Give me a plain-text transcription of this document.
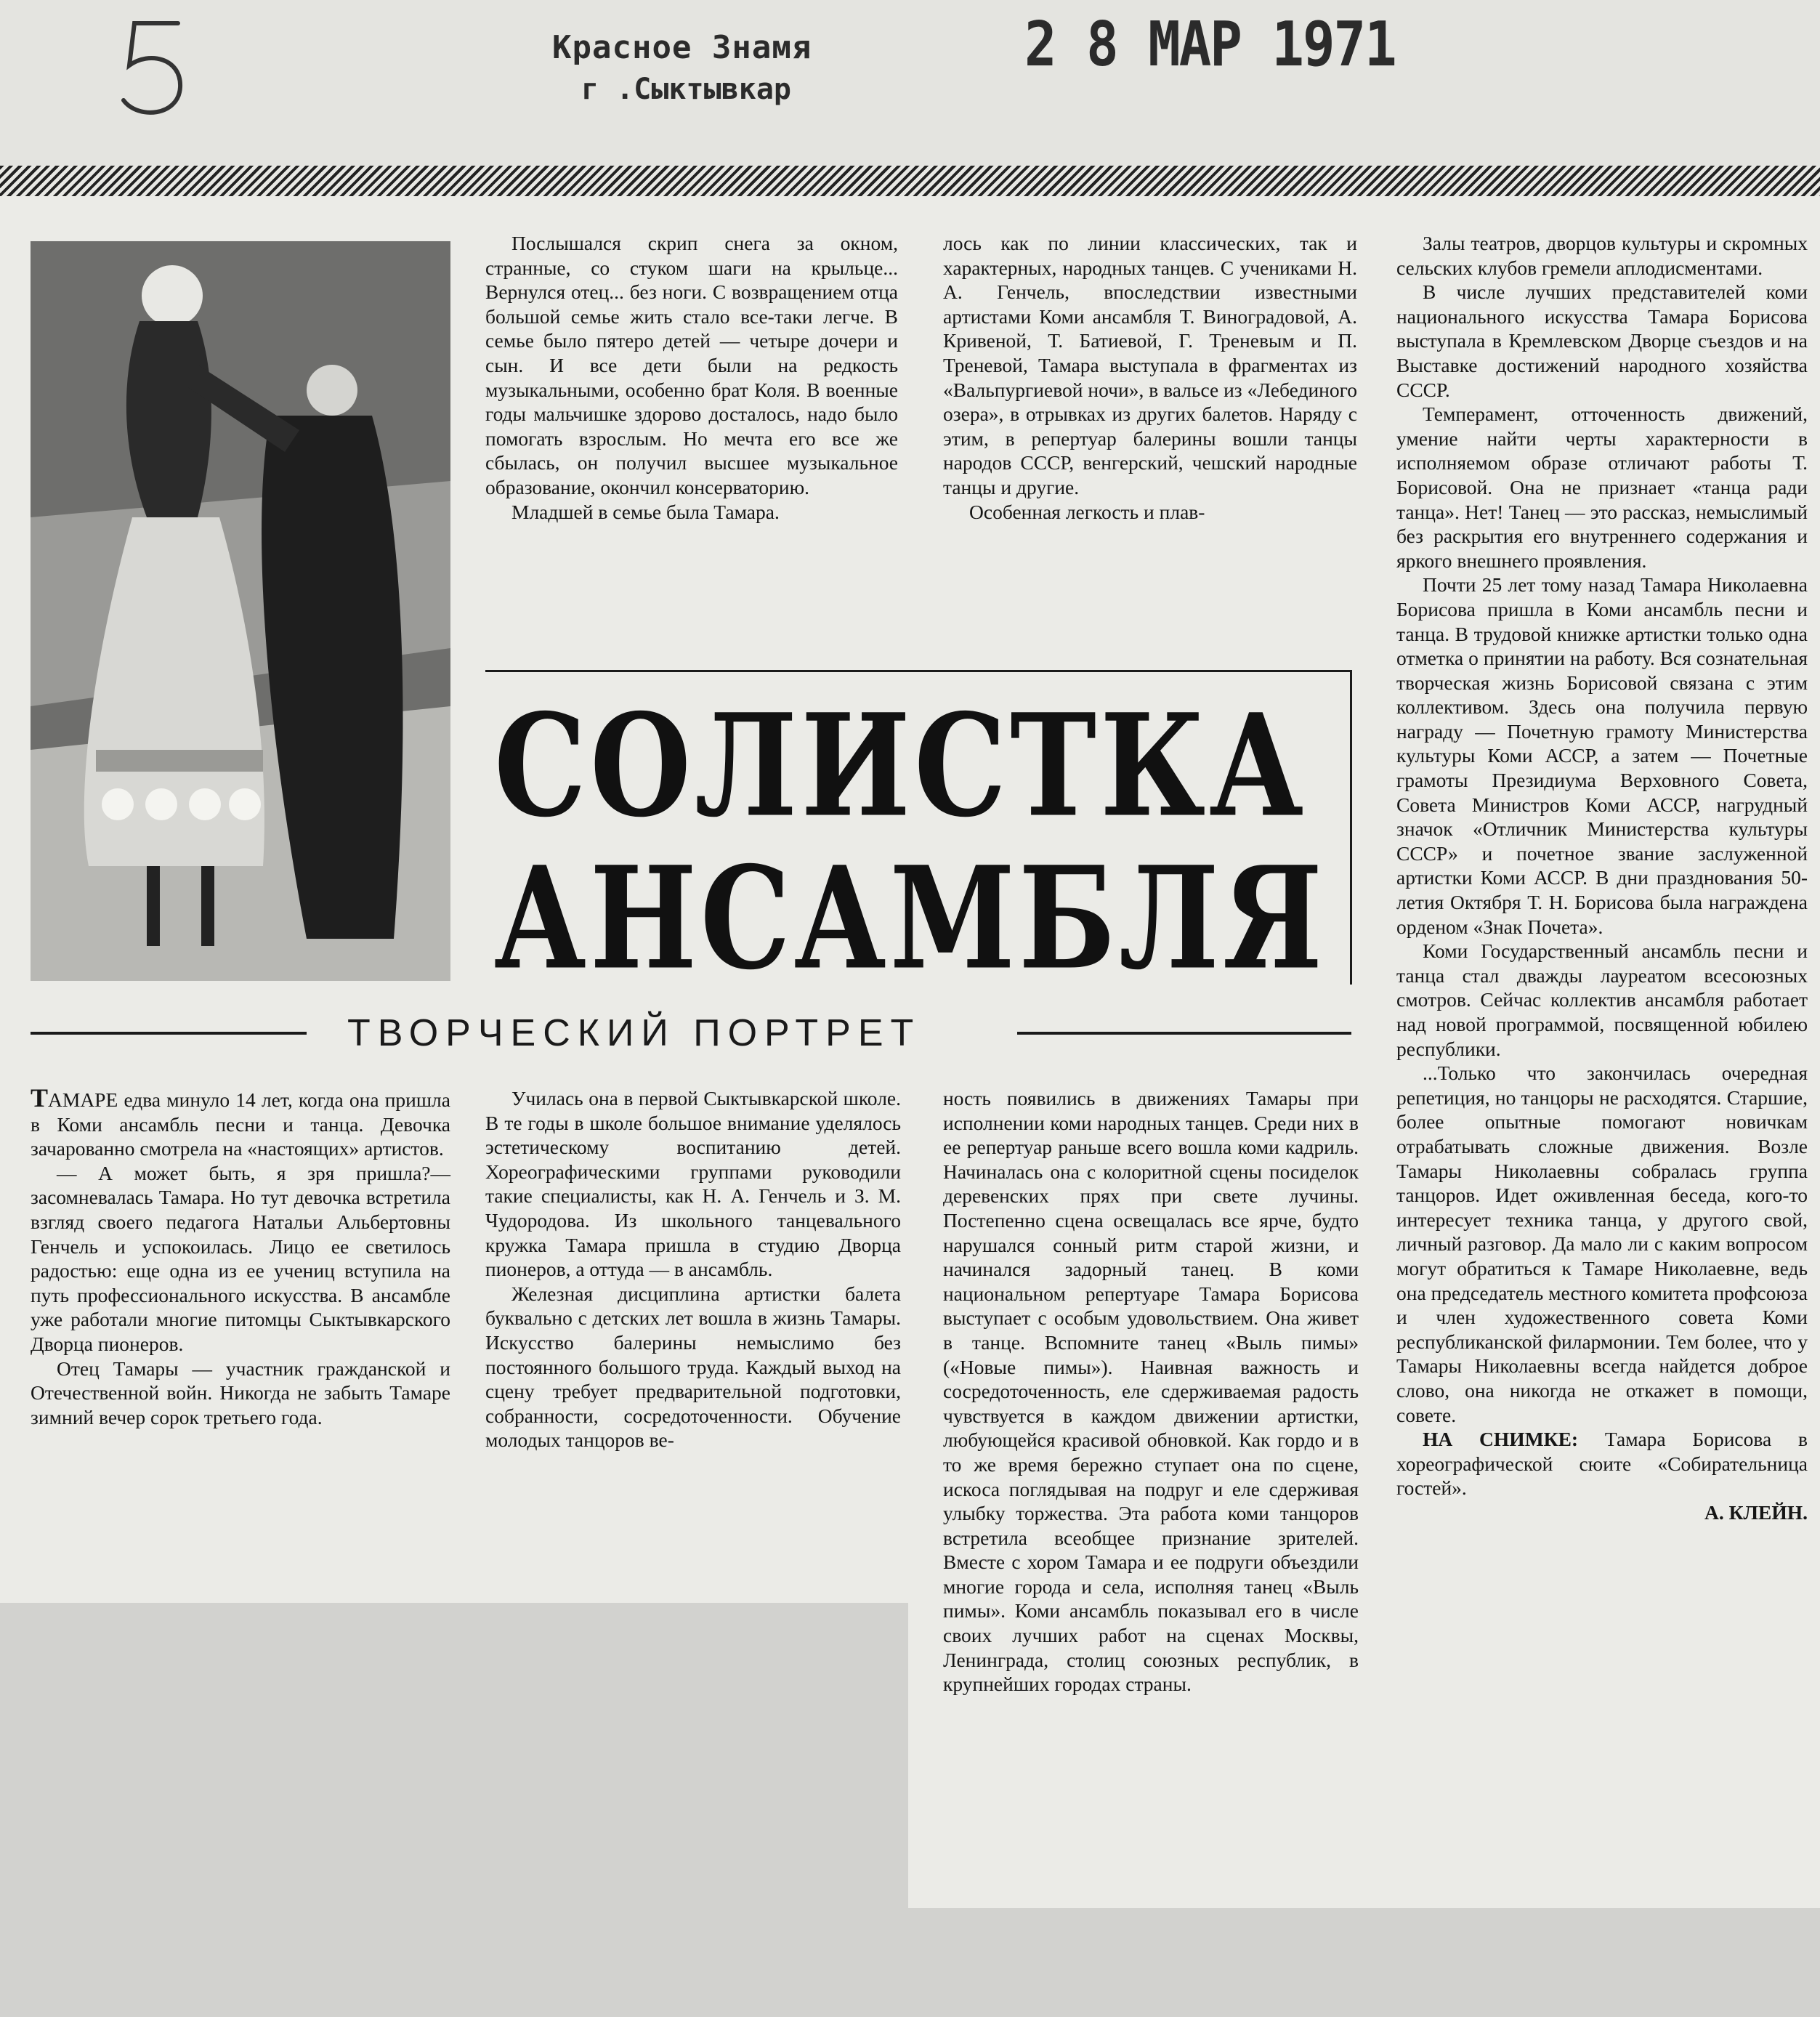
Красное Знамя
г .Сыктывкар
2 8 МАР 1971

Послышался скрип снега за окном, странные, со стуком шаги на крыльце... Вернулся отец... без ноги. С возвращением отца большой семье жить стало все-таки легче. В семье было пятеро детей — четыре дочери и сын. И все дети были на редкость музыкальными, особенно брат Коля. В военные годы мальчишке здорово досталось, надо было помогать взрослым. Но мечта его все же сбылась, он получил высшее музыкальное образование, окончил консерваторию.

Младшей в семье была Тамара.

лось как по линии классических, так и характерных, народных танцев. С учениками Н. А. Генчель, впоследствии известными артистами Коми ансамбля Т. Виноградовой, А. Кривеной, Т. Батиевой, Г. Треневым и П. Треневой, Тамара выступала в фрагментах из «Вальпургиевой ночи», в вальсе из «Лебединого озера», в отрывках из других балетов. Наряду с этим, в репертуар балерины вошли танцы народов СССР, венгерский, чешский народные танцы и другие.

Особенная легкость и плав-

СОЛИСТКА
АНСАМБЛЯ
ТВОРЧЕСКИЙ ПОРТРЕТ

Залы театров, дворцов культуры и скромных сельских клубов гремели аплодисментами.

В числе лучших представителей коми национального искусства Тамара Борисова выступала в Кремлевском Дворце съездов и на Выставке достижений народного хозяйства СССР.

Темперамент, отточенность движений, умение найти черты характерности в исполняемом образе отличают работы Т. Борисовой. Она не признает «танца ради танца». Нет! Танец — это рассказ, немыслимый без раскрытия его внутреннего содержания и яркого внешнего проявления.

Почти 25 лет тому назад Тамара Николаевна Борисова пришла в Коми ансамбль песни и танца. В трудовой книжке артистки только одна отметка о принятии на работу. Вся сознательная творческая жизнь Борисовой связана с этим коллективом. Здесь она получила первую награду — Почетную грамоту Министерства культуры Коми АССР, а затем — Почетные грамоты Президиума Верховного Совета, Совета Министров Коми АССР, нагрудный значок «Отличник Министерства культуры СССР» и почетное звание заслуженной артистки Коми АССР. В дни празднования 50-летия Октября Т. Н. Борисова была награждена орденом «Знак Почета».

Коми Государственный ансамбль песни и танца стал дважды лауреатом всесоюзных смотров. Сейчас коллектив ансамбля работает над новой программой, посвященной юбилею республики.

...Только что закончилась очередная репетиция, но танцоры не расходятся. Старшие, более опытные помогают новичкам отрабатывать сложные движения. Возле Тамары Николаевны собралась группа танцоров. Идет оживленная беседа, кого-то интересует техника танца, у другого свой, личный разговор. Да мало ли с каким вопросом могут обратиться к Тамаре Николаевне, ведь она председатель местного комитета профсоюза и член художественного совета Коми республиканской филармонии. Тем более, что у Тамары Николаевны всегда найдется доброе слово, она никогда не откажет в помощи, совете.

НА СНИМКЕ: Тамара Борисова в хореографической сюите «Собирательница гостей».

А. КЛЕЙН.

ТАМАРЕ едва минуло 14 лет, когда она пришла в Коми ансамбль песни и танца. Девочка зачарованно смотрела на «настоящих» артистов.

— А может быть, я зря пришла?— засомневалась Тамара. Но тут девочка встретила взгляд своего педагога Натальи Альбертовны Генчель и успокоилась. Лицо ее светилось радостью: еще одна из ее учениц вступила на путь профессионального искусства. В ансамбле уже работали многие питомцы Сыктывкарского Дворца пионеров.

Отец Тамары — участник гражданской и Отечественной войн. Никогда не забыть Тамаре зимний вечер сорок третьего года.

Училась она в первой Сыктывкарской школе. В те годы в школе большое внимание уделялось эстетическому воспитанию детей. Хореографическими группами руководили такие специалисты, как Н. А. Генчель и З. М. Чудородова. Из школьного танцевального кружка Тамара пришла в студию Дворца пионеров, а оттуда — в ансамбль.

Железная дисциплина артистки балета буквально с детских лет вошла в жизнь Тамары. Искусство балерины немыслимо без постоянного большого труда. Каждый выход на сцену требует предварительной подготовки, собранности, сосредоточенности. Обучение молодых танцоров ве-

ность появились в движениях Тамары при исполнении коми народных танцев. Среди них в ее репертуар раньше всего вошла коми кадриль. Начиналась она с колоритной сцены посиделок деревенских прях при свете лучины. Постепенно сцена освещалась все ярче, будто нарушался сонный ритм старой жизни, и начинался задорный танец. В коми национальном репертуаре Тамара Борисова выступает с особым удовольствием. Она живет в танце. Вспомните танец «Выль пимы» («Новые пимы»). Наивная важность и сосредоточенность, еле сдерживаемая радость чувствуется в каждом движении артистки, любующейся красивой обновкой. Как гордо и в то же время бережно ступает она по сцене, искоса поглядывая на подруг и еле сдерживая улыбку торжества. Эта работа коми танцоров встретила всеобщее признание зрителей. Вместе с хором Тамара и ее подруги объездили многие города и села, исполняя танец «Выль пимы». Коми ансамбль показывал его в числе своих лучших работ на сценах Москвы, Ленинграда, столиц союзных республик, в крупнейших городах страны.
